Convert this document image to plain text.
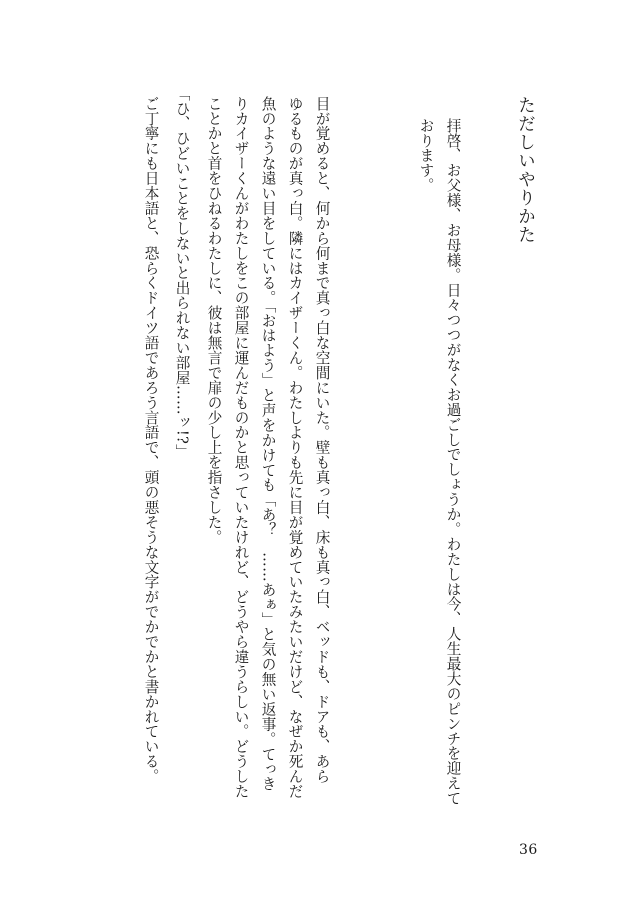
ただしいやりかた
拝啓、お父様、お母様。日々つつがなくお過ごしでしょうか。わたしは今、人生最大のピンチを迎えて
おります。
目が覚めると、何から何まで真っ白な空間にいた。壁も真っ白、床も真っ白、ベッドも、ドアも、あら
ゆるものが真っ白。隣にはカイザーくん。わたしよりも先に目が覚めていたみたいだけど、なぜか死んだ
魚のような遠い目をしている。「おはよう」と声をかけても「あ？　……あぁ」と気の無い返事。てっき
りカイザーくんがわたしをこの部屋に運んだものかと思っていたけれど、どうやら違うらしい。どうした
ことかと首をひねるわたしに、彼は無言で扉の少し上を指さした。
「ひ、ひどいことをしないと出られない部屋……ッ!?」
ご丁寧にも日本語と、恐らくドイツ語であろう言語で、頭の悪そうな文字がでかでかと書かれている。
36
